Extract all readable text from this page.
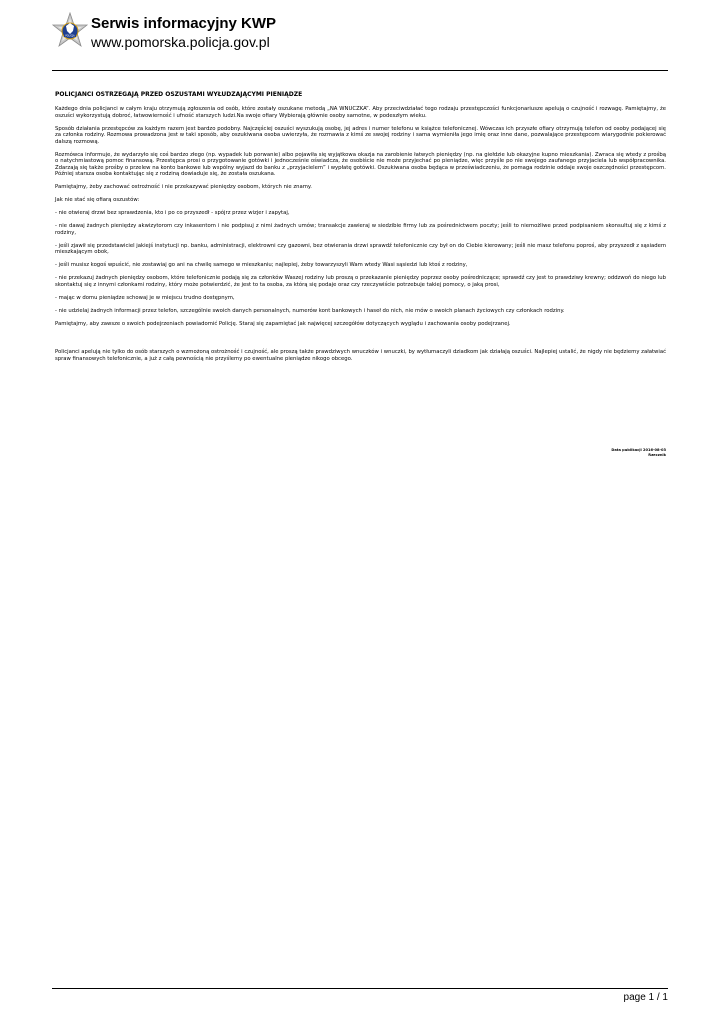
POLICJA
Serwis informacyjny KWP
www.pomorska.policja.gov.pl
POLICJANCI OSTRZEGAJĄ PRZED OSZUSTAMI WYŁUDZAJĄCYMI PIENIĄDZE

Każdego dnia policjanci w całym kraju otrzymują zgłoszenia od osób, które zostały oszukane metodą „NA WNUCZKA”. Aby przeciwdziałać tego rodzaju przestępczości funkcjonariusze apelują o czujność i rozwagę. Pamiętajmy, że oszuści wykorzystują dobroć, łatwowierność i ufność starszych ludzi.Na swoje ofiary Wybierają głównie osoby samotne, w podeszłym wieku.

Sposób działania przestępców za każdym razem jest bardzo podobny. Najczęściej oszuści wyszukują osobę, jej adres i numer telefonu w książce telefonicznej. Wówczas ich przyszłe ofiary otrzymują telefon od osoby podającej się za członka rodziny. Rozmowa prowadzona jest w taki sposób, aby oszukiwana osoba uwierzyła, że rozmawia z kimś ze swojej rodziny i sama wymieniła jego imię oraz inne dane, pozwalające przestępcom wiarygodnie pokierować dalszą rozmową.

Rozmówca informuje, że wydarzyło się coś bardzo złego (np. wypadek lub porwanie) albo pojawiła się wyjątkowa okazja na zarobienie łatwych pieniędzy (np. na giełdzie lub okazyjne kupno mieszkania). Zwraca się wtedy z prośbą o natychmiastową pomoc finansową. Przestępca prosi o przygotowanie gotówki i jednocześnie oświadcza, że osobiście nie może przyjechać po pieniądze, więc przyśle po nie swojego zaufanego przyjaciela lub współpracownika. Zdarzają się także prośby o przelew na konto bankowe lub wspólny wyjazd do banku z „przyjacielem” i wypłatę gotówki. Oszukiwana osoba będąca w przeświadczeniu, że pomaga rodzinie oddaje swoje oszczędności przestępcom. Później starsza osoba kontaktując się z rodziną dowiaduje się, że została oszukana.

Pamiętajmy, żeby zachować ostrożność i nie przekazywać pieniędzy osobom, których nie znamy.

Jak nie stać się ofiarą oszustów:

- nie otwieraj drzwi bez sprawdzenia, kto i po co przyszedł - spójrz przez wizjer i zapytaj,

- nie dawaj żadnych pieniędzy akwizytorom czy inkasentom i nie podpisuj z nimi żadnych umów; transakcje zawieraj w siedzibie firmy lub za pośrednictwem poczty; jeśli to niemożliwe przed podpisaniem skonsultuj się z kimś z rodziny,

- jeśli zjawił się przedstawiciel jakiejś instytucji np. banku, administracji, elektrowni czy gazowni, bez otwierania drzwi sprawdź telefonicznie czy był on do Ciebie kierowany; jeśli nie masz telefonu poproś, aby przyszedł z sąsiadem mieszkającym obok,

- jeśli musisz kogoś wpuścić, nie zostawiaj go ani na chwilę samego w mieszkaniu; najlepiej, żeby towarzyszyli Wam wtedy Wasi sąsiedzi lub ktoś z rodziny,

- nie przekazuj żadnych pieniędzy osobom, które telefonicznie podają się za członków Waszej rodziny lub proszą o przekazanie pieniędzy poprzez osoby pośredniczące; sprawdź czy jest to prawdziwy krewny; oddzwoń do niego lub skontaktuj się z innymi członkami rodziny, który może potwierdzić, że jest to ta osoba, za którą się podaje oraz czy rzeczywiście potrzebuje takiej pomocy, o jaką prosi,

- mając w domu pieniądze schowaj je w miejscu trudno dostępnym,

- nie udzielaj żadnych informacji przez telefon, szczególnie swoich danych personalnych, numerów kont bankowych i haseł do nich, nie mów o swoich planach życiowych czy członkach rodziny.

Pamiętajmy, aby zawsze o swoich podejrzeniach powiadomić Policję. Staraj się zapamiętać jak najwięcej szczegółów dotyczących wyglądu i zachowania osoby podejrzanej.

Policjanci apelują nie tylko do osób starszych o wzmożoną ostrożność i czujność, ale proszą także prawdziwych wnuczków i wnuczki, by wytłumaczyli dziadkom jak działają oszuści. Najlepiej ustalić, że nigdy nie będziemy załatwiać spraw finansowych telefonicznie, a już z całą pewnością nie przyślemy po ewentualne pieniądze nikogo obcego.

Data publikacji 2016-08-03
Rzecznik
page 1 / 1
